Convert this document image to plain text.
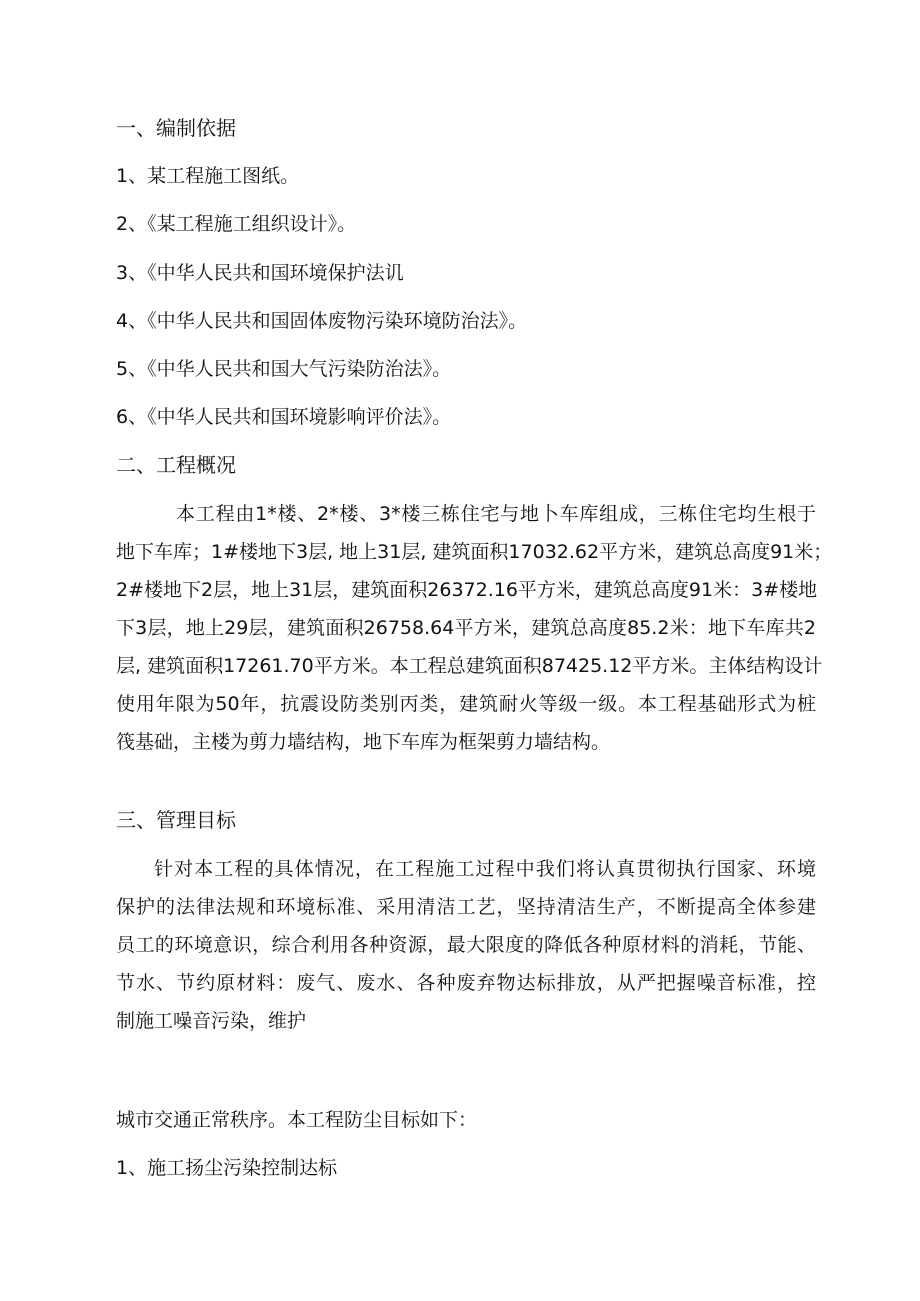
一、编制依据
1、某工程施工图纸。
2、《某工程施工组织设计》。
3、《中华人民共和国环境保护法讥
4、《中华人民共和国固体废物污染环境防治法》。
5、《中华人民共和国大气污染防治法》。
6、《中华人民共和国环境影响评价法》。
二、工程概况
本工程由1*楼、2*楼、3*楼三栋住宅与地卜车库组成，三栋住宅均生根于
地下车库；1#楼地下3层, 地上31层, 建筑面积17032.62平方米，建筑总高度91米；
2#楼地下2层，地上31层，建筑面积26372.16平方米，建筑总高度91米：3#楼地
下3层，地上29层，建筑面积26758.64平方米，建筑总高度85.2米：地下车库共2
层, 建筑面积17261.70平方米。本工程总建筑面积87425.12平方米。主体结构设计
使用年限为50年，抗震设防类别丙类，建筑耐火等级一级。本工程基础形式为桩
筏基础，主楼为剪力墙结构，地下车库为框架剪力墙结构。
三、管理目标
针对本工程的具体情况，在工程施工过程中我们将认真贯彻执行国家、环境
保护的法律法规和环境标准、采用清洁工艺，坚持清洁生产，不断提高全体参建
员工的环境意识，综合利用各种资源，最大限度的降低各种原材料的消耗，节能、
节水、节约原材料：废气、废水、各种废弃物达标排放，从严把握噪音标准，控
制施工噪音污染，维护
城市交通正常秩序。本工程防尘目标如下：
1、施工扬尘污染控制达标
